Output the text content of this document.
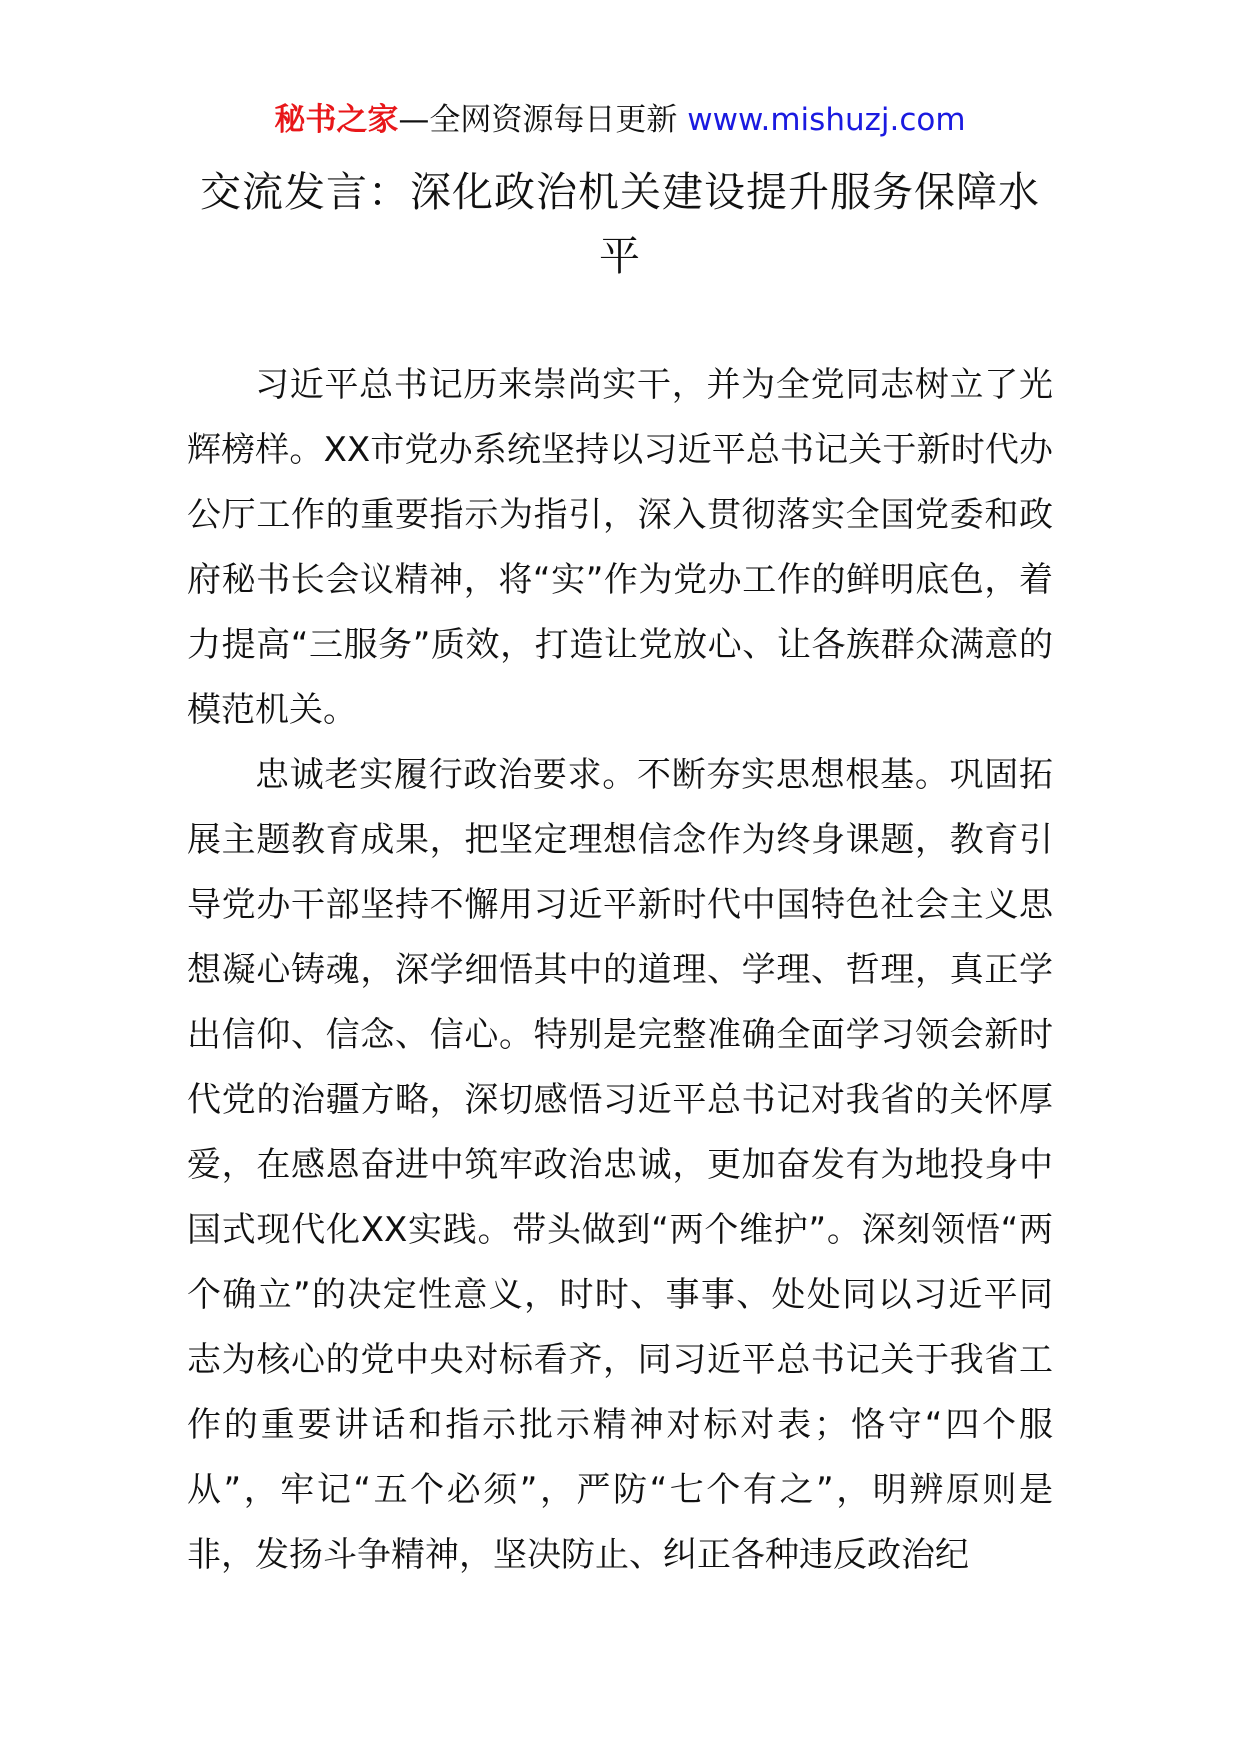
秘书之家—全网资源每日更新 www.mishuzj.com
交流发言：深化政治机关建设提升服务保障水平

习近平总书记历来崇尚实干，并为全党同志树立了光辉榜样。XX市党办系统坚持以习近平总书记关于新时代办公厅工作的重要指示为指引，深入贯彻落实全国党委和政府秘书长会议精神，将“实”作为党办工作的鲜明底色，着力提高“三服务”质效，打造让党放心、让各族群众满意的模范机关。

忠诚老实履行政治要求。不断夯实思想根基。巩固拓展主题教育成果，把坚定理想信念作为终身课题，教育引导党办干部坚持不懈用习近平新时代中国特色社会主义思想凝心铸魂，深学细悟其中的道理、学理、哲理，真正学出信仰、信念、信心。特别是完整准确全面学习领会新时代党的治疆方略，深切感悟习近平总书记对我省的关怀厚爱，在感恩奋进中筑牢政治忠诚，更加奋发有为地投身中国式现代化XX实践。带头做到“两个维护”。深刻领悟“两个确立”的决定性意义，时时、事事、处处同以习近平同志为核心的党中央对标看齐，同习近平总书记关于我省工作的重要讲话和指示批示精神对标对表；恪守“四个服从”，牢记“五个必须”，严防“七个有之”，明辨原则是非，发扬斗争精神，坚决防止、纠正各种违反政治纪
